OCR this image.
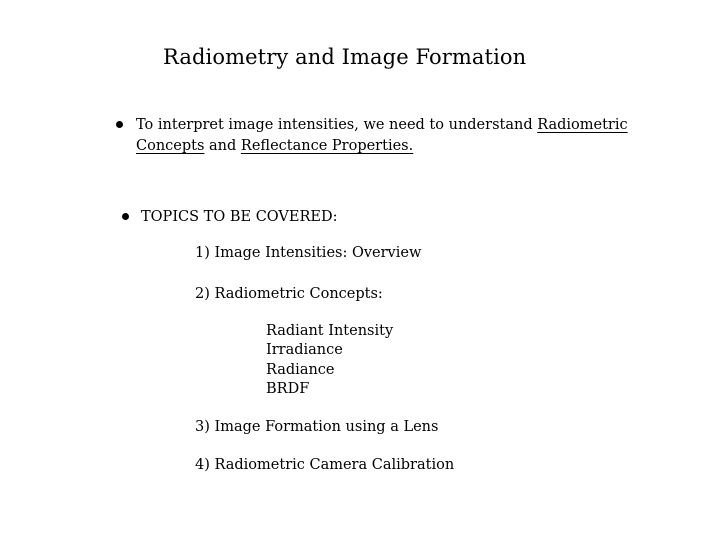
Radiometry and Image Formation
To interpret image intensities, we need to understand Radiometric
Concepts and Reflectance Properties.
TOPICS TO BE COVERED:
1) Image Intensities: Overview
2) Radiometric Concepts:
Radiant Intensity
Irradiance
Radiance
BRDF
3) Image Formation using a Lens
4) Radiometric Camera Calibration
